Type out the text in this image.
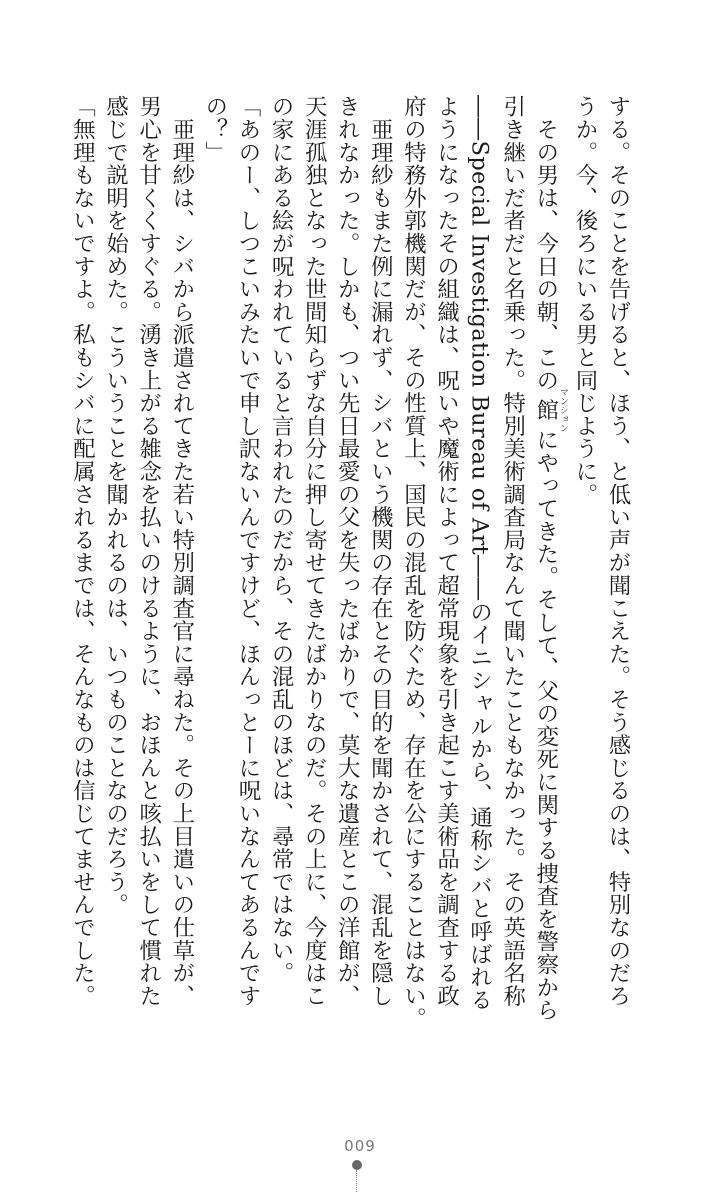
する。そのことを告げると、ほう、と低い声が聞こえた。そう感じるのは、特別なのだろ
うか。今、後ろにいる男と同じように。
　その男は、今日の朝、この館 マンションにやってきた。そして、父の変死に関する捜査を警察から
引き継いだ者だと名乗った。特別美術調査局なんて聞いたこともなかった。その英語名称
――Special Investigation Bureau of Art――のイニシャルから、通称シバと呼ばれる
ようになったその組織は、呪いや魔術によって超常現象を引き起こす美術品を調査する政
府の特務外郭機関だが、その性質上、国民の混乱を防ぐため、存在を公にすることはない。
　亜理紗もまた例に漏れず、シバという機関の存在とその目的を聞かされて、混乱を隠し
きれなかった。しかも、つい先日最愛の父を失ったばかりで、莫大な遺産とこの洋館が、
天涯孤独となった世間知らずな自分に押し寄せてきたばかりなのだ。その上に、今度はこ
の家にある絵が呪われていると言われたのだから、その混乱のほどは、尋常ではない。
「あのー、しつこいみたいで申し訳ないんですけど、ほんっとーに呪いなんてあるんです
の？」
　亜理紗は、シバから派遣されてきた若い特別調査官に尋ねた。その上目遣いの仕草が、
男心を甘くくすぐる。湧き上がる雑念を払いのけるように、おほんと咳払いをして慣れた
感じで説明を始めた。こういうことを聞かれるのは、いつものことなのだろう。
「無理もないですよ。私もシバに配属されるまでは、そんなものは信じてませんでした。
009
